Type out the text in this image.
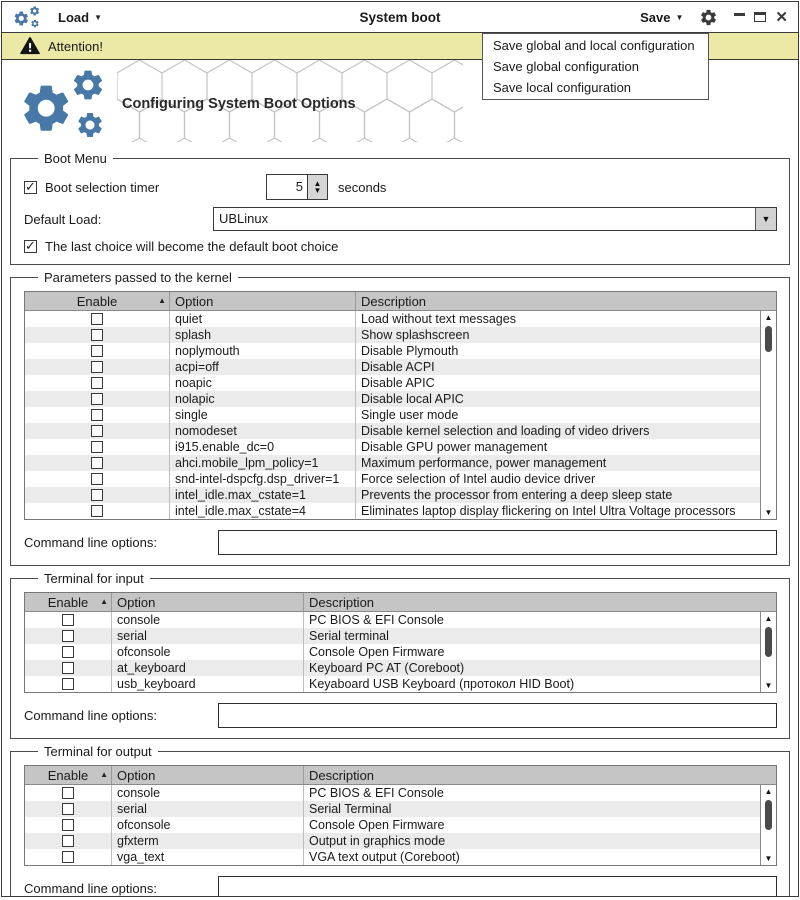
Load ▼	System boot	Save ▼	✕
Attention!	Save global and local configuration
Save global configuration
Save local configuration
Configuring System Boot Options
Boot Menu
✓
Boot selection timer	5	▲
▼ seconds
Default Load:	UBLinux	▼
✓
The last choice will become the default boot choice
Parameters passed to the kernel
Enable	▲ Option	Description
quiet	Load without text messages
splash	Show splashscreen
noplymouth	Disable Plymouth
acpi=off	Disable ACPI
noapic	Disable APIC
nolapic	Disable local APIC
single	Single user mode
nomodeset	Disable kernel selection and loading of video drivers
i915.enable_dc=0	Disable GPU power management
ahci.mobile_lpm_policy=1	Maximum performance, power management
snd-intel-dspcfg.dsp_driver=1	Force selection of Intel audio device driver
intel_idle.max_cstate=1	Prevents the processor from entering a deep sleep state
intel_idle.max_cstate=4	Eliminates laptop display flickering on Intel Ultra Voltage processors
▲
▼
Command line options:
Terminal for input
Enable ▲ Option	Description
console	PC BIOS & EFI Console
serial	Serial terminal
ofconsole	Console Open Firmware
at_keyboard	Keyboard PC AT (Coreboot)
usb_keyboard	Keyaboard USB Keyboard (протокол HID Boot)
▲
▼
Command line options:
Terminal for output
Enable ▲ Option	Description
console	PC BIOS & EFI Console
serial	Serial Terminal
ofconsole	Console Open Firmware
gfxterm	Output in graphics mode
vga_text	VGA text output (Coreboot)
▲
▼
Command line options:
